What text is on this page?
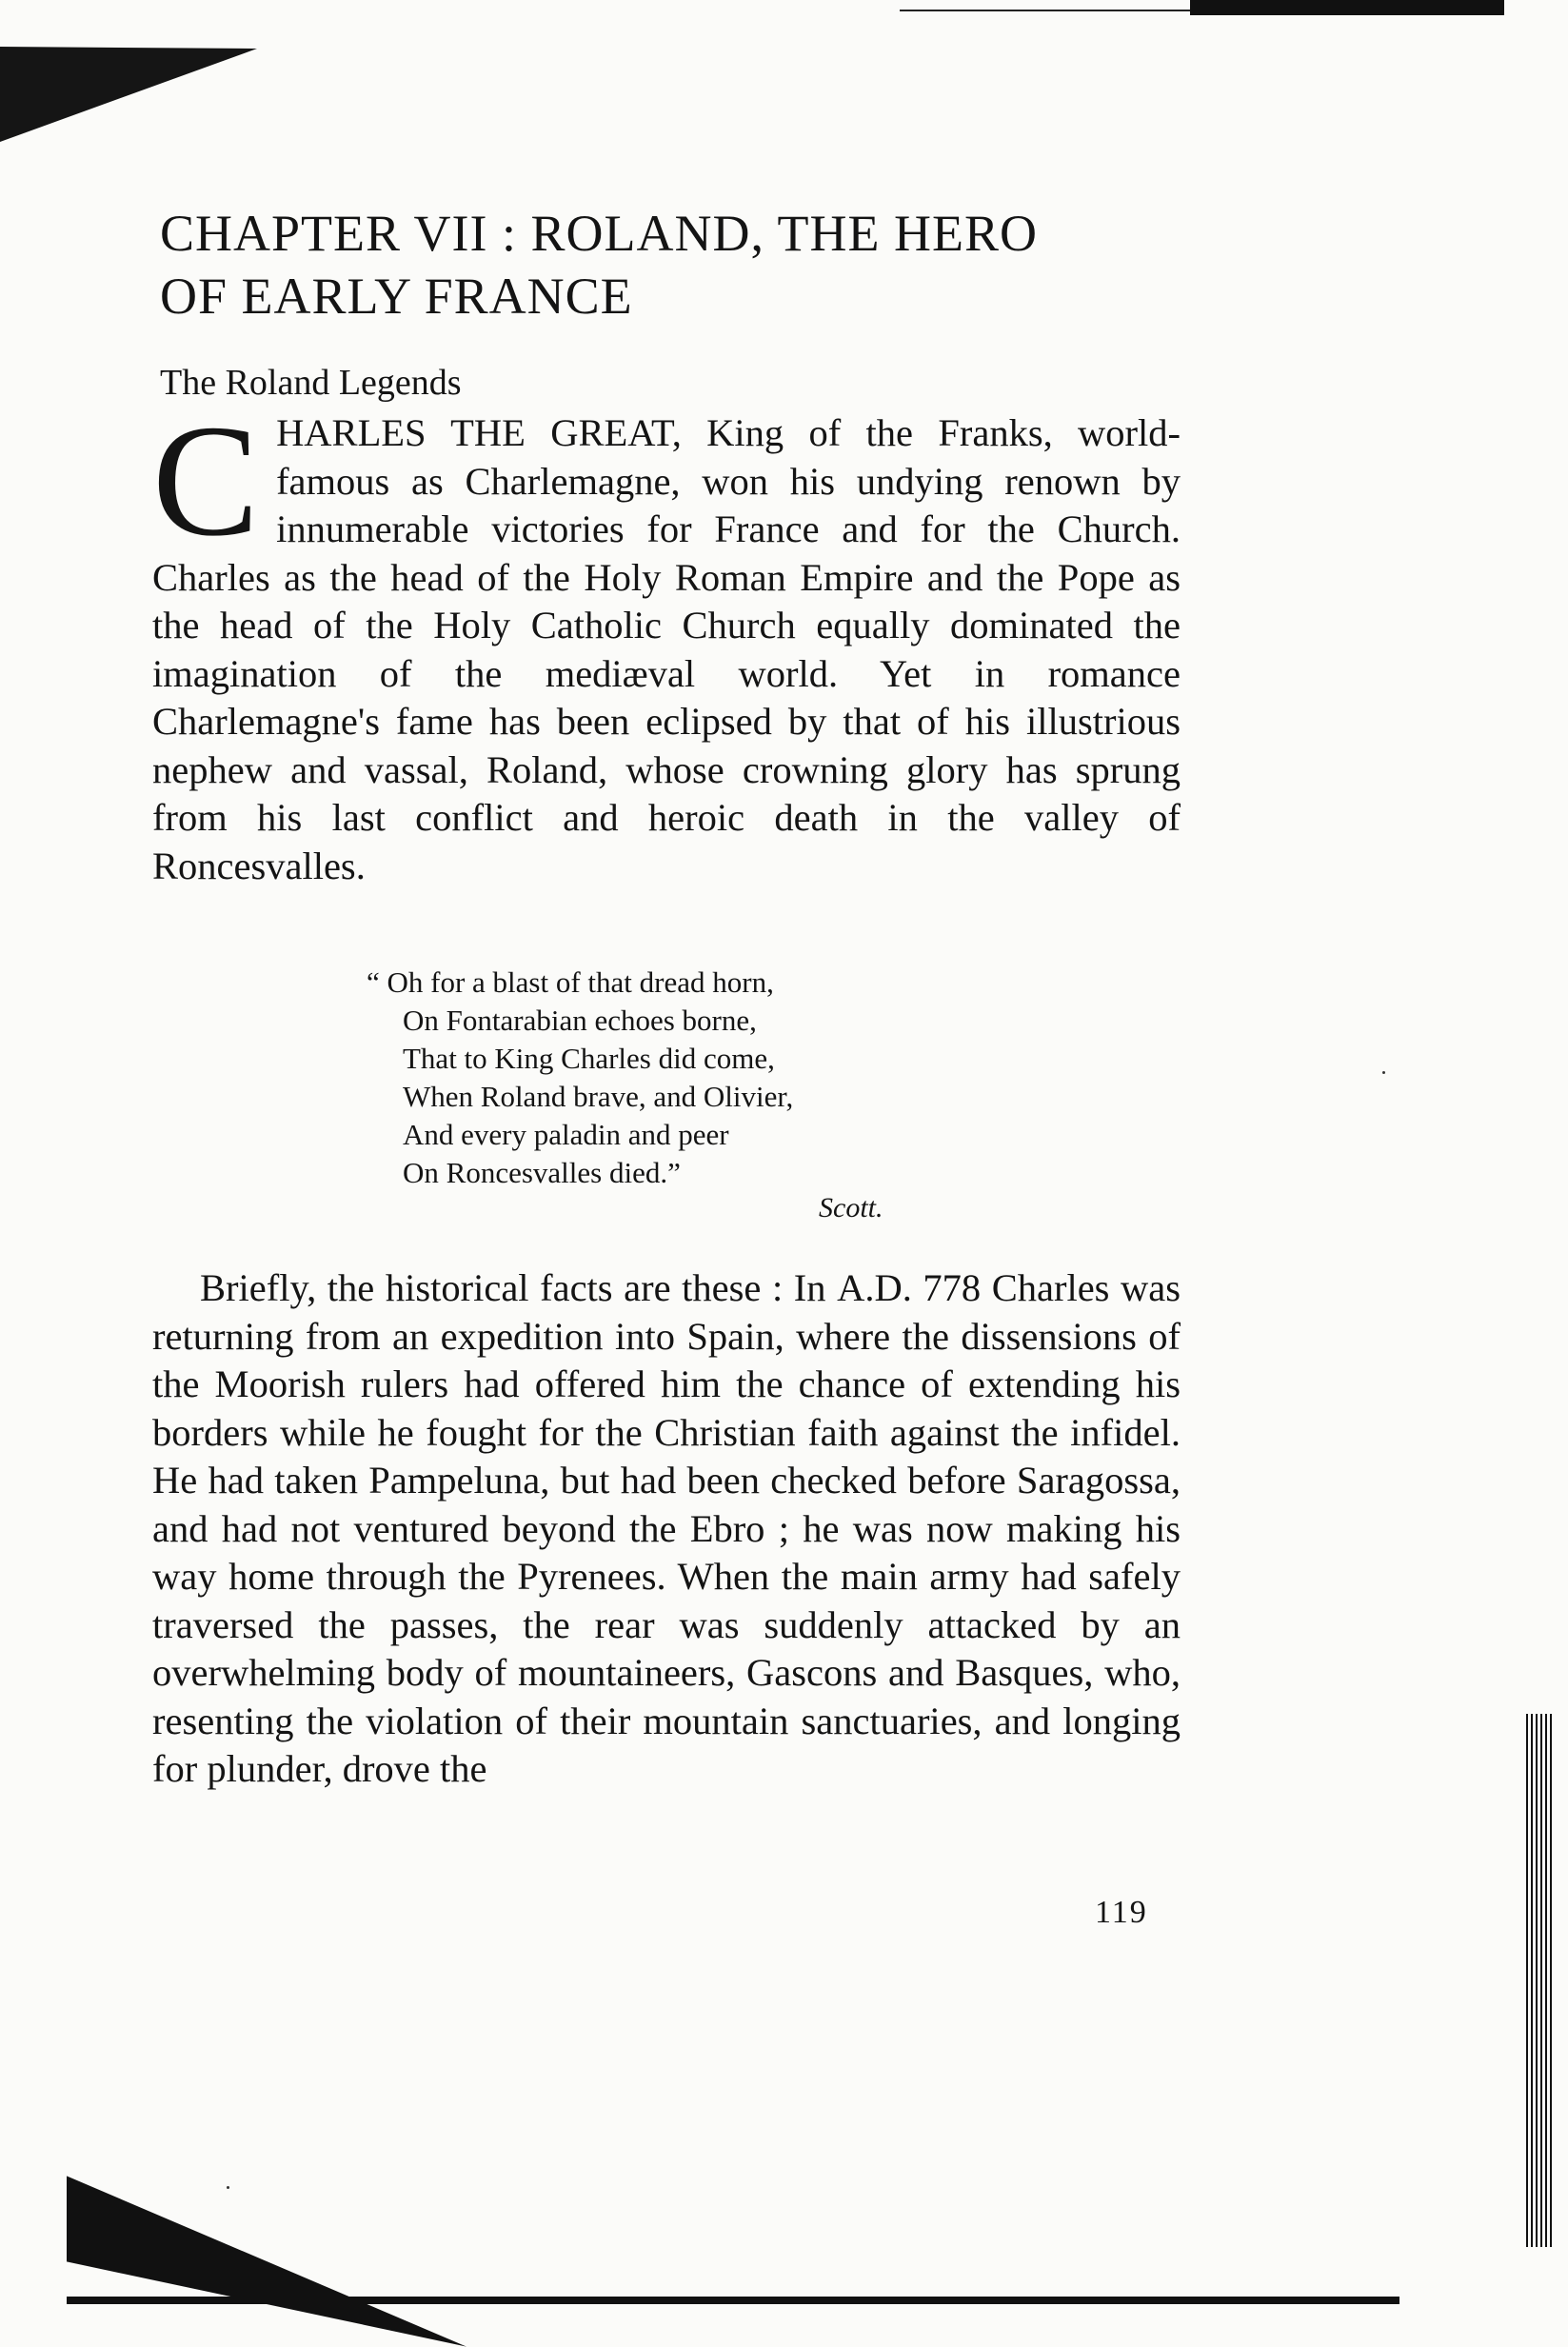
CHAPTER VII : ROLAND, THE HERO
OF EARLY FRANCE
The Roland Legends

CHARLES THE GREAT, King of the Franks, world-famous as Charlemagne, won his undying renown by innumerable victories for France and for the Church. Charles as the head of the Holy Roman Empire and the Pope as the head of the Holy Catholic Church equally dominated the imagination of the mediæval world. Yet in romance Charlemagne's fame has been eclipsed by that of his illustrious nephew and vassal, Roland, whose crowning glory has sprung from his last conflict and heroic death in the valley of Roncesvalles.

“ Oh for a blast of that dread horn,
On Fontarabian echoes borne,
That to King Charles did come,
When Roland brave, and Olivier,
And every paladin and peer
On Roncesvalles died.”
Scott.

Briefly, the historical facts are these : In A.D. 778 Charles was returning from an expedition into Spain, where the dissensions of the Moorish rulers had offered him the chance of extending his borders while he fought for the Christian faith against the infidel. He had taken Pampeluna, but had been checked before Saragossa, and had not ventured beyond the Ebro ; he was now making his way home through the Pyrenees. When the main army had safely traversed the passes, the rear was suddenly attacked by an overwhelming body of mountaineers, Gascons and Basques, who, resenting the violation of their mountain sanctuaries, and longing for plunder, drove the

119
